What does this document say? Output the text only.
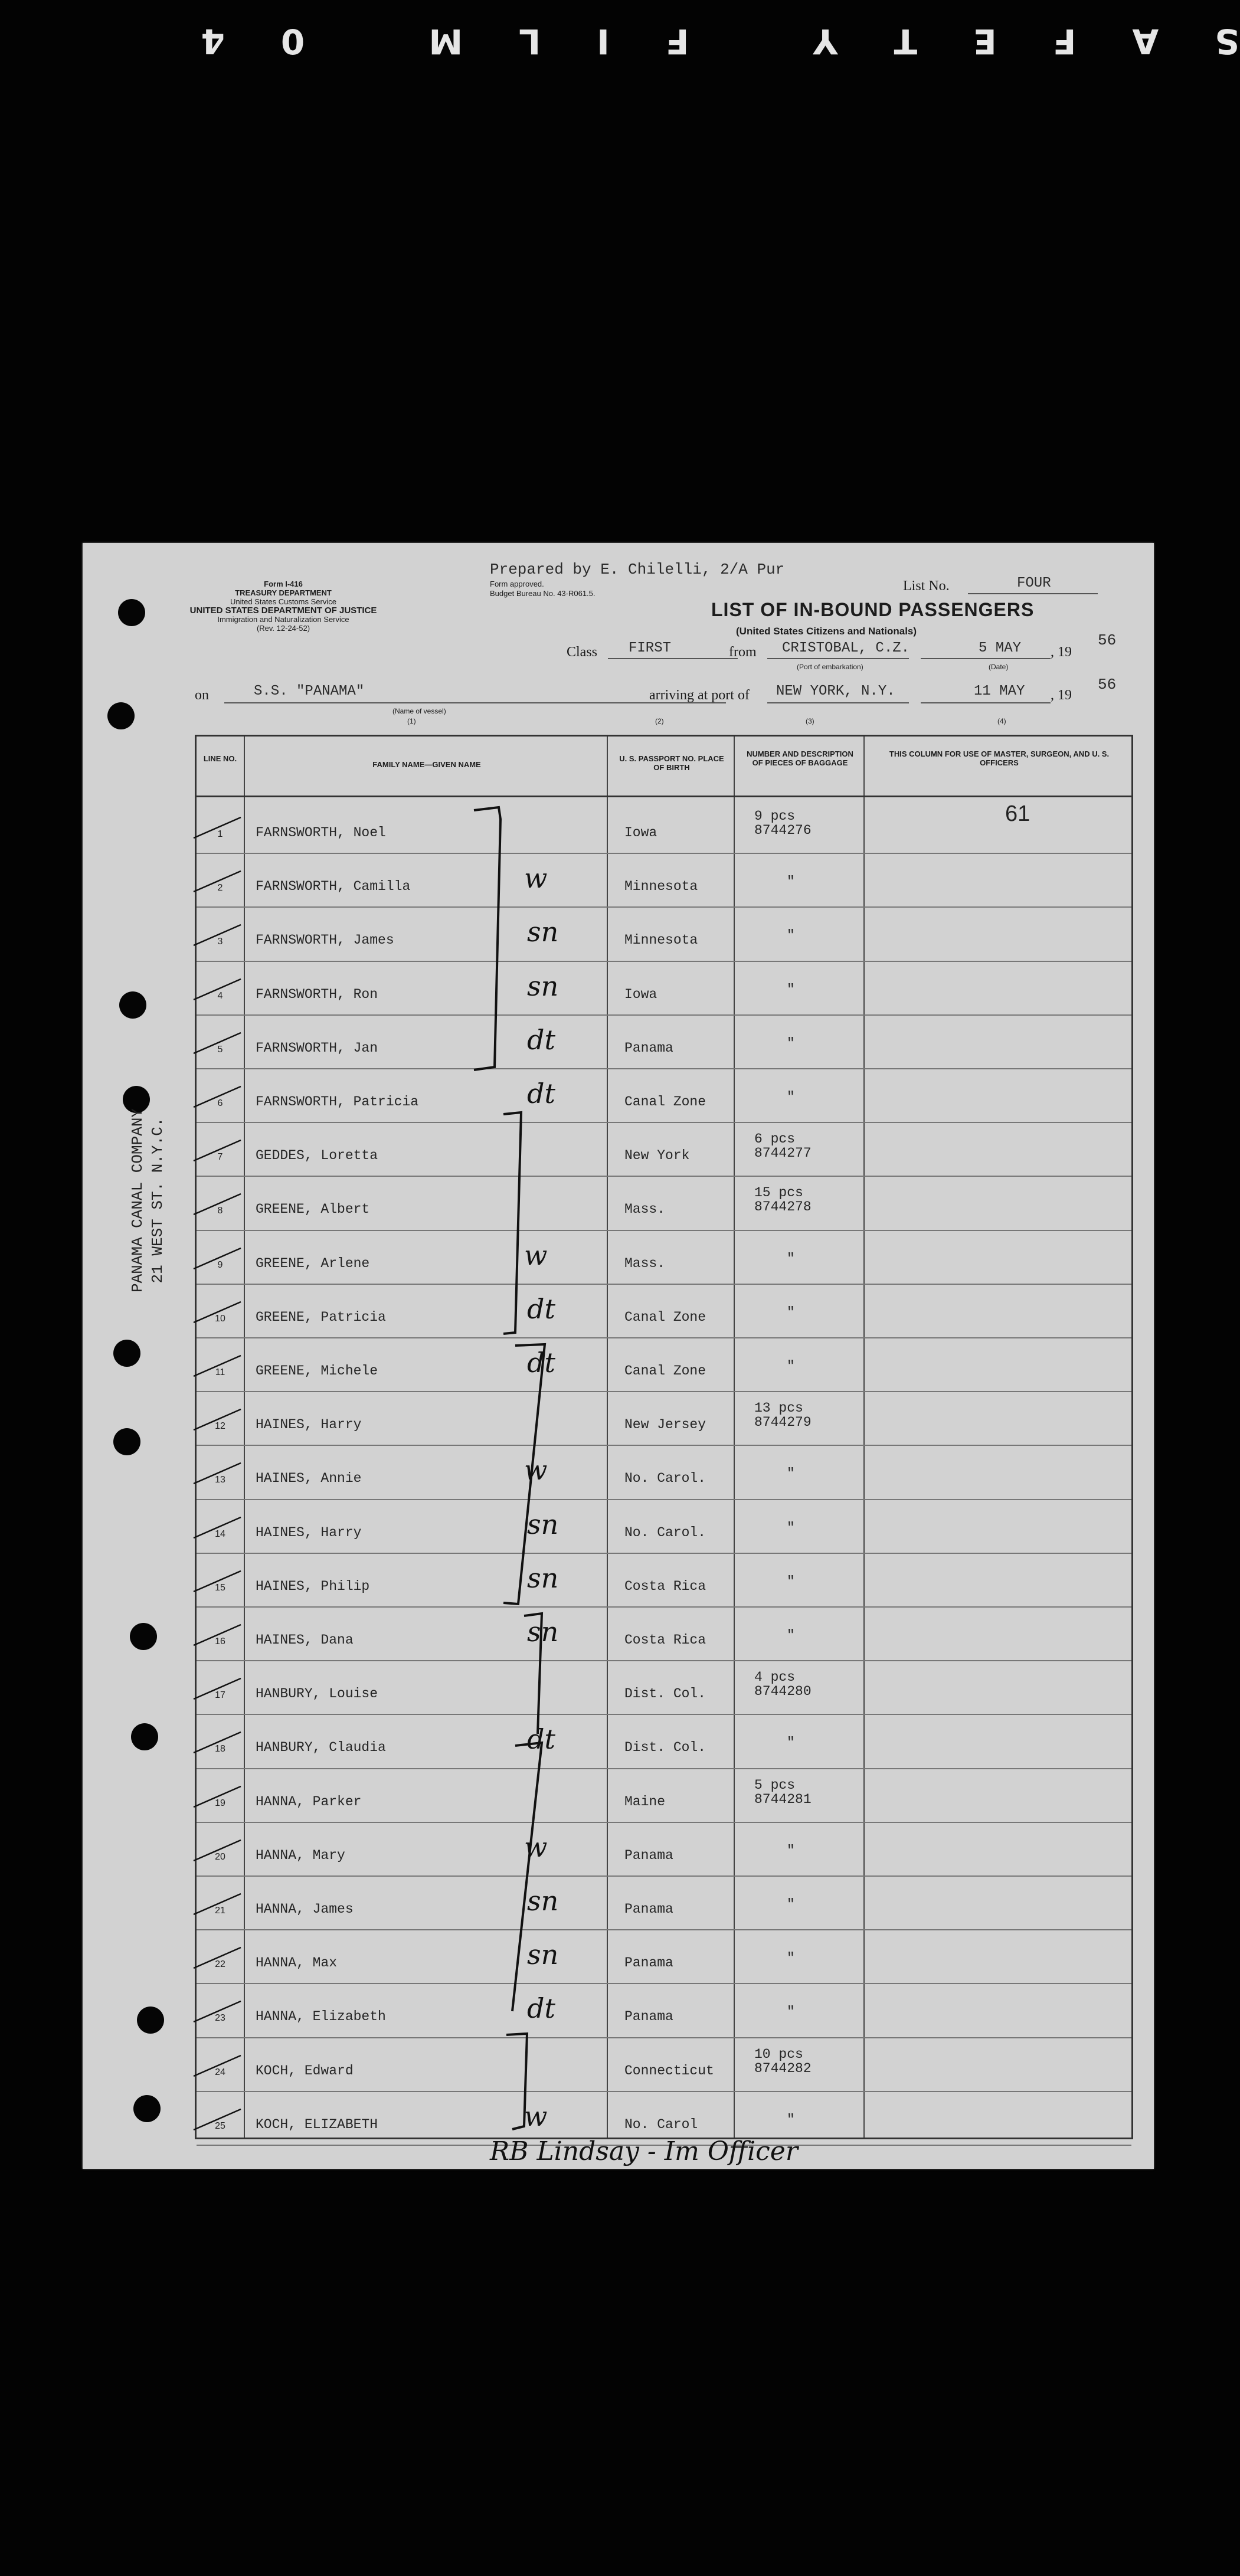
SAFETY FILM 04
Form I-416
TREASURY DEPARTMENT
United States Customs Service
UNITED STATES DEPARTMENT OF JUSTICE
Immigration and Naturalization Service
(Rev. 12-24-52)
Prepared by E. Chilelli, 2/A Pur
Form approved.
Budget Bureau No. 43-R061.5.	List No.	FOUR
LIST OF IN-BOUND PASSENGERS
(United States Citizens and Nationals)
Class FIRST	from CRISTOBAL, C.Z.
(Port of embarkation)
5 MAY
(Date)
, 19
56
on	S.S. "PANAMA"
(Name of vessel)
(1)
arriving at port of NEW YORK, N.Y.	11 MAY , 19
56
(2)	(3)	(4)
PANAMA CANAL COMPANY 21 WEST ST. N.Y.C.
LINE NO.
FAMILY NAME—GIVEN NAME
U. S. PASSPORT NO. PLACE OF BIRTH
NUMBER AND DESCRIPTION OF PIECES OF BAGGAGE
THIS COLUMN FOR USE OF MASTER, SURGEON, AND U. S. OFFICERS
61
1	FARNSWORTH, Noel	Iowa
9 pcs
8744276
2	FARNSWORTH, Camilla	Minnesota	"
w
3	FARNSWORTH, James	Minnesota	"
sn
4	FARNSWORTH, Ron	Iowa	"
sn
5	FARNSWORTH, Jan	Panama	"
dt
6	FARNSWORTH, Patricia	Canal Zone	"
dt
7	GEDDES, Loretta	New York
6 pcs
8744277
8	GREENE, Albert	Mass.
15 pcs
8744278
9	GREENE, Arlene	Mass.	"
w
10	GREENE, Patricia	Canal Zone	"
dt
11	GREENE, Michele	Canal Zone	"
dt
12	HAINES, Harry	New Jersey
13 pcs
8744279
13	HAINES, Annie	No. Carol.	"
w
14	HAINES, Harry	No. Carol.	"
sn
15	HAINES, Philip	Costa Rica	"
sn
16	HAINES, Dana	Costa Rica	"
sn
17	HANBURY, Louise	Dist. Col.
4 pcs
8744280
18	HANBURY, Claudia	Dist. Col.	"
dt
19	HANNA, Parker	Maine
5 pcs
8744281
20	HANNA, Mary	Panama	"
w
21	HANNA, James	Panama	"
sn
22	HANNA, Max	Panama	"
sn
23	HANNA, Elizabeth	Panama	"
dt
24	KOCH, Edward	Connecticut
10 pcs
8744282
25	KOCH, ELIZABETH	No. Carol	"
w
RB Lindsay - Im Officer
